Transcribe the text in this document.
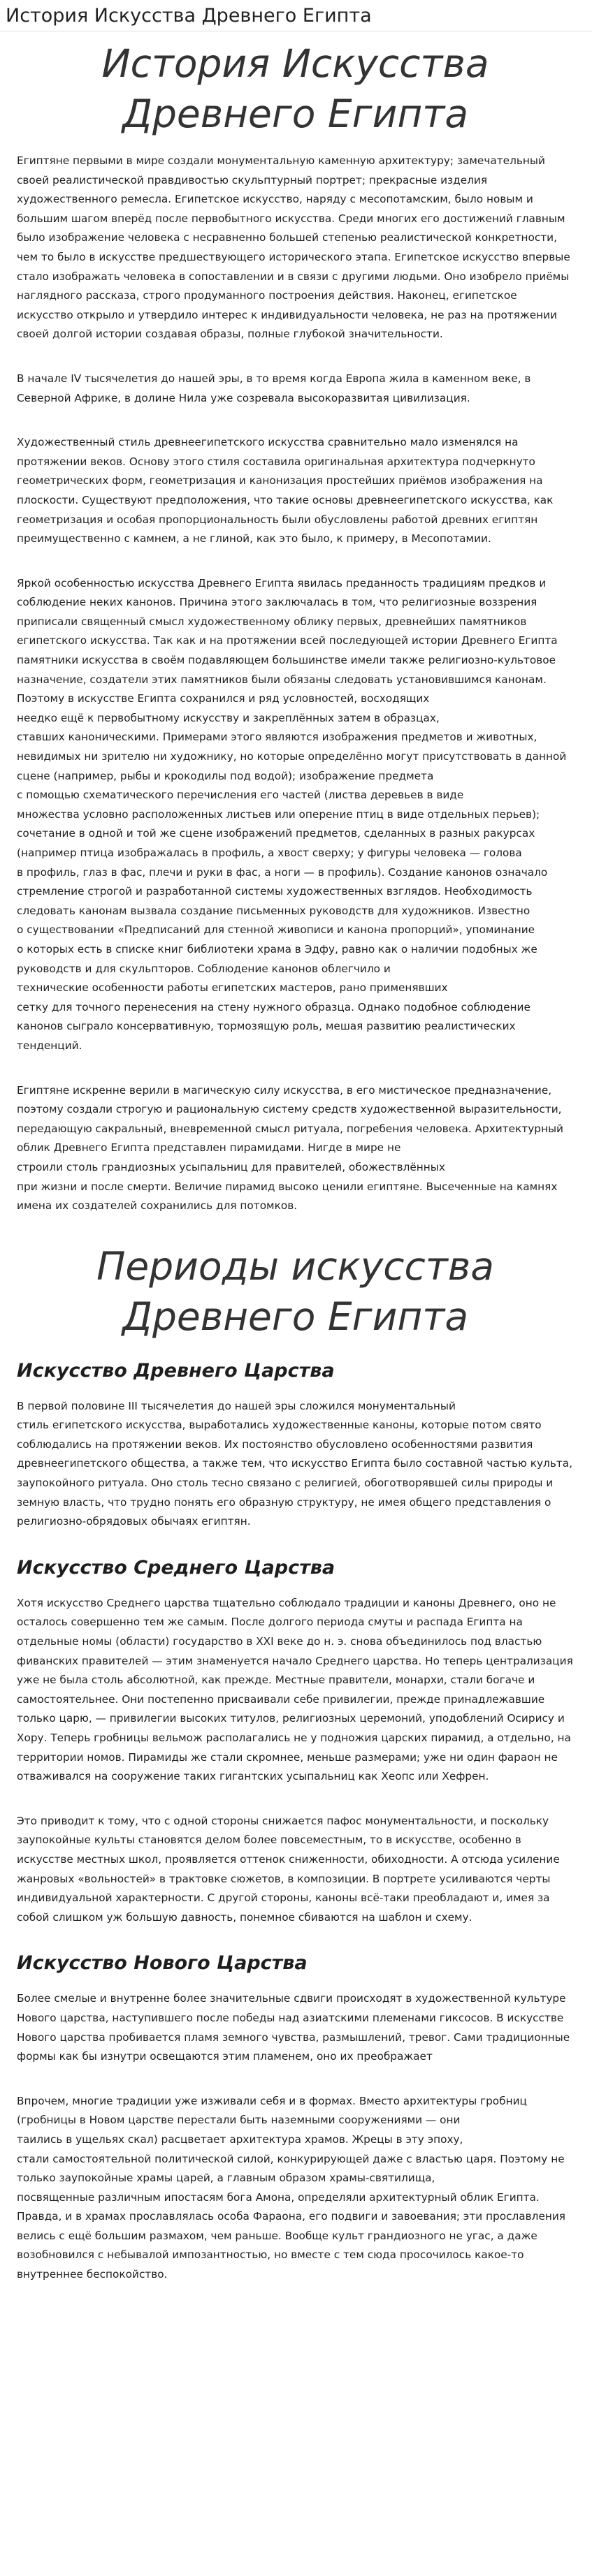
История Искусства Древнего Египта
История Искусства Древнего Египта

Египтяне первыми в мире создали монументальную каменную архитектуру; замечательный своей реалистической правдивостью скульптурный портрет; прекрасные изделия художественного ремесла. Египетское искусство, наряду с месопотамским, было новым и большим шагом вперёд после первобытного искусства. Среди многих его достижений главным было изображение человека с несравненно большей степенью реалистической конкретности, чем то было в искусстве предшествующего исторического этапа. Египетское искусство впервые стало изображать человека в сопоставлении и в связи с другими людьми. Оно изобрело приёмы наглядного рассказа, строго продуманного построения действия. Наконец, египетское искусство открыло и утвердило интерес к индивидуальности человека, не раз на протяжении своей долгой истории создавая образы, полные глубокой значительности.

В начале IV тысячелетия до нашей эры, в то время когда Европа жила в каменном веке, в Северной Африке, в долине Нила уже созревала высокоразвитая цивилизация.

Художественный стиль древнеегипетского искусства сравнительно мало изменялся на протяжении веков. Основу этого стиля составила оригинальная архитектура подчеркнуто геометрических форм, геометризация и канонизация простейших приёмов изображения на плоскости. Существуют предположения, что такие основы древнеегипетского искусства, как геометризация и особая пропорциональность были обусловлены работой древних египтян преимущественно с камнем, а не глиной, как это было, к примеру, в Месопотамии.

Яркой особенностью искусства Древнего Египта явилась преданность традициям предков и соблюдение неких канонов. Причина этого заключалась в том, что религиозные воззрения приписали священный смысл художественному облику первых, древнейших памятников египетского искусства. Так как и на протяжении всей последующей истории Древнего Египта памятники искусства в своём подавляющем большинстве имели также религиозно-культовое назначение, создатели этих памятников были обязаны следовать установившимся канонам. Поэтому в искусстве Египта сохранился и ряд условностей, восходящих
неедко ещё к первобытному искусству и закреплённых затем в образцах,
ставших каноническими. Примерами этого являются изображения предметов и животных, невидимых ни зрителю ни художнику, но которые определённо могут присутствовать в данной сцене (например, рыбы и крокодилы под водой); изображение предмета
с помощью схематического перечисления его частей (листва деревьев в виде
множества условно расположенных листьев или оперение птиц в виде отдельных перьев); сочетание в одной и той же сцене изображений предметов, сделанных в разных ракурсах (например птица изображалась в профиль, а хвост сверху; у фигуры человека — голова
в профиль, глаз в фас, плечи и руки в фас, а ноги — в профиль). Создание канонов означало стремление строгой и разработанной системы художественных взглядов. Необходимость следовать канонам вызвала создание письменных руководств для художников. Известно
о существовании «Предписаний для стенной живописи и канона пропорций», упоминание
о которых есть в списке книг библиотеки храма в Эдфу, равно как о наличии подобных же руководств и для скульпторов. Соблюдение канонов облегчило и
технические особенности работы египетских мастеров, рано применявших
сетку для точного перенесения на стену нужного образца. Однако подобное соблюдение канонов сыграло консервативную, тормозящую роль, мешая развитию реалистических тенденций.

Египтяне искренне верили в магическую силу искусства, в его мистическое предназначение, поэтому создали строгую и рациональную систему средств художественной выразительности, передающую сакральный, вневременной смысл ритуала, погребения человека. Архитектурный облик Древнего Египта представлен пирамидами. Нигде в мире не
строили столь грандиозных усыпальниц для правителей, обожествлённых
при жизни и после смерти. Величие пирамид высоко ценили египтяне. Высеченные на камнях имена их создателей сохранились для потомков.

Периоды искусства Древнего Египта
Искусство Древнего Царства

В первой половине III тысячелетия до нашей эры сложился монументальный
стиль египетского искусства, выработались художественные каноны, которые потом свято соблюдались на протяжении веков. Их постоянство обусловлено особенностями развития древнеегипетского общества, а также тем, что искусство Египта было составной частью культа, заупокойного ритуала. Оно столь тесно связано с религией, обоготворявшей силы природы и земную власть, что трудно понять его образную структуру, не имея общего представления о религиозно-обрядовых обычаях египтян.

Искусство Среднего Царства

Хотя искусство Среднего царства тщательно соблюдало традиции и каноны Древнего, оно не осталось совершенно тем же самым. После долгого периода смуты и распада Египта на отдельные номы (области) государство в XXI веке до н. э. снова объединилось под властью фиванских правителей — этим знаменуется начало Среднего царства. Но теперь централизация уже не была столь абсолютной, как прежде. Местные правители, монархи, стали богаче и самостоятельнее. Они постепенно присваивали себе привилегии, прежде принадлежавшие только царю, — привилегии высоких титулов, религиозных церемоний, уподоблений Осирису и Хору. Теперь гробницы вельмож располагались не у подножия царских пирамид, а отдельно, на территории номов. Пирамиды же стали скромнее, меньше размерами; уже ни один фараон не отваживался на сооружение таких гигантских усыпальниц как Хеопс или Хефрен.

Это приводит к тому, что с одной стороны снижается пафос монументальности, и поскольку заупокойные культы становятся делом более повсеместным, то в искусстве, особенно в искусстве местных школ, проявляется оттенок сниженности, обиходности. А отсюда усиление жанровых «вольностей» в трактовке сюжетов, в композиции. В портрете усиливаются черты индивидуальной характерности. С другой стороны, каноны всё-таки преобладают и, имея за собой слишком уж большую давность, понемное сбиваются на шаблон и схему.

Искусство Нового Царства

Более смелые и внутренне более значительные сдвиги происходят в художественной культуре Нового царства, наступившего после победы над азиатскими племенами гиксосов. В искусстве Нового царства пробивается пламя земного чувства, размышлений, тревог. Сами традиционные формы как бы изнутри освещаются этим пламенем, оно их преображает

Впрочем, многие традиции уже изживали себя и в формах. Вместо архитектуры гробниц (гробницы в Новом царстве перестали быть наземными сооружениями — они
таились в ущельях скал) расцветает архитектура храмов. Жрецы в эту эпоху,
стали самостоятельной политической силой, конкурирующей даже с властью царя. Поэтому не только заупокойные храмы царей, а главным образом храмы-святилища,
посвященные различным ипостасям бога Амона, определяли архитектурный облик Египта. Правда, и в храмах прославлялась особа Фараона, его подвиги и завоевания; эти прославления велись с ещё большим размахом, чем раньше. Вообще культ грандиозного не угас, а даже возобновился с небывалой импозантностью, но вместе с тем сюда просочилось какое-то внутреннее беспокойство.
